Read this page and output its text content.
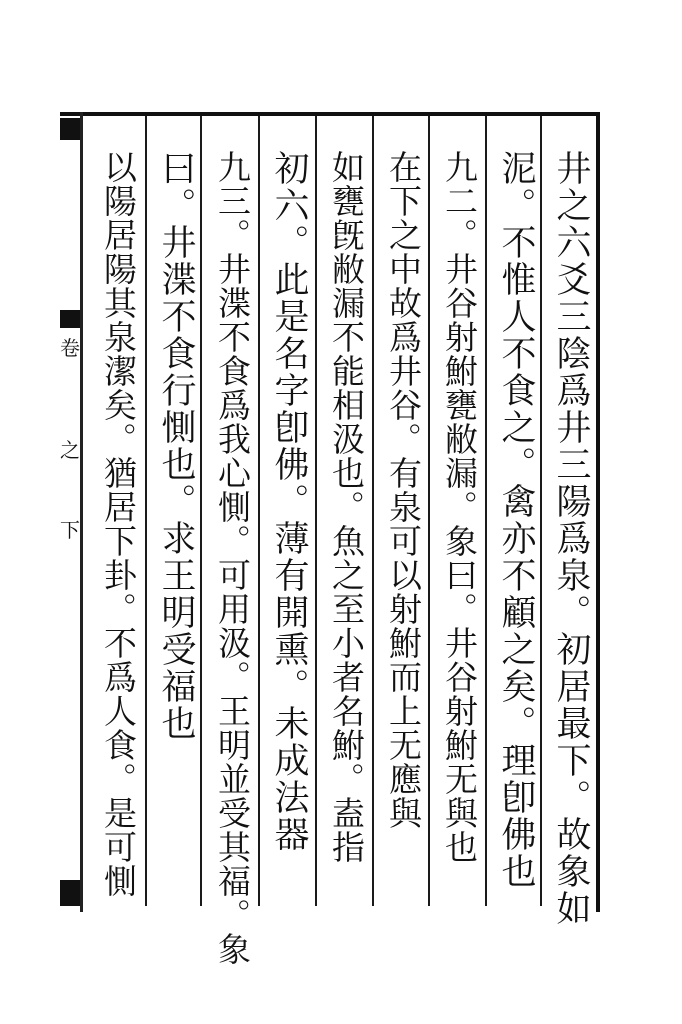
卷
之
下	井之六爻三陰爲井三陽爲泉。初居最下。故象如
泥。不惟人不食之。禽亦不顧之矣。理卽佛也
九二。井谷射鮒甕敝漏。象曰。井谷射鮒无與也
在下之中故爲井谷。有泉可以射鮒而上无應與
如甕旣敝漏不能相汲也。魚之至小者名鮒。盍指
初六。此是名字卽佛。薄有開熏。未成法器
九三。井渫不食爲我心惻。可用汲。王明並受其福。象
曰。井渫不食行惻也。求王明受福也
以陽居陽其泉潔矣。猶居下卦。不爲人食。是可惻
